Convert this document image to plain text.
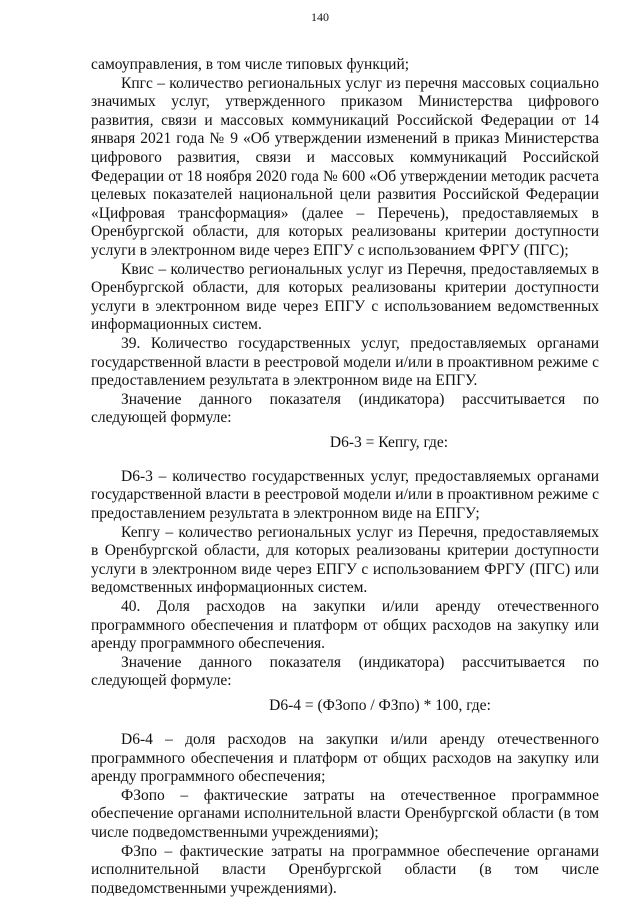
140

самоуправления, в том числе типовых функций;

Кпгс – количество региональных услуг из перечня массовых социально значимых услуг, утвержденного приказом Министерства цифрового развития, связи и массовых коммуникаций Российской Федерации от 14 января 2021 года № 9 «Об утверждении изменений в приказ Министерства цифрового развития, связи и массовых коммуникаций Российской Федерации от 18 ноября 2020 года № 600 «Об утверждении методик расчета целевых показателей национальной цели развития Российской Федерации «Цифровая трансформация» (далее – Перечень), предоставляемых в Оренбургской области, для которых реализованы критерии доступности услуги в электронном виде через ЕПГУ с использованием ФРГУ (ПГС);

Квис – количество региональных услуг из Перечня, предоставляемых в Оренбургской области, для которых реализованы критерии доступности услуги в электронном виде через ЕПГУ с использованием ведомственных информационных систем.

39. Количество государственных услуг, предоставляемых органами государственной власти в реестровой модели и/или в проактивном режиме с предоставлением результата в электронном виде на ЕПГУ.

Значение данного показателя (индикатора) рассчитывается по следующей формуле:

D6-3 = Кепгу, где:

D6-3 – количество государственных услуг, предоставляемых органами государственной власти в реестровой модели и/или в проактивном режиме с предоставлением результата в электронном виде на ЕПГУ;

Кепгу – количество региональных услуг из Перечня, предоставляемых в Оренбургской области, для которых реализованы критерии доступности услуги в электронном виде через ЕПГУ с использованием ФРГУ (ПГС) или ведомственных информационных систем.

40. Доля расходов на закупки и/или аренду отечественного программного обеспечения и платформ от общих расходов на закупку или аренду программного обеспечения.

Значение данного показателя (индикатора) рассчитывается по следующей формуле:

D6-4 = (ФЗопо / ФЗпо) * 100, где:

D6-4 – доля расходов на закупки и/или аренду отечественного программного обеспечения и платформ от общих расходов на закупку или аренду программного обеспечения;

ФЗопо – фактические затраты на отечественное программное обеспечение органами исполнительной власти Оренбургской области (в том числе подведомственными учреждениями);

ФЗпо – фактические затраты на программное обеспечение органами исполнительной власти Оренбургской области (в том числе подведомственными учреждениями).
